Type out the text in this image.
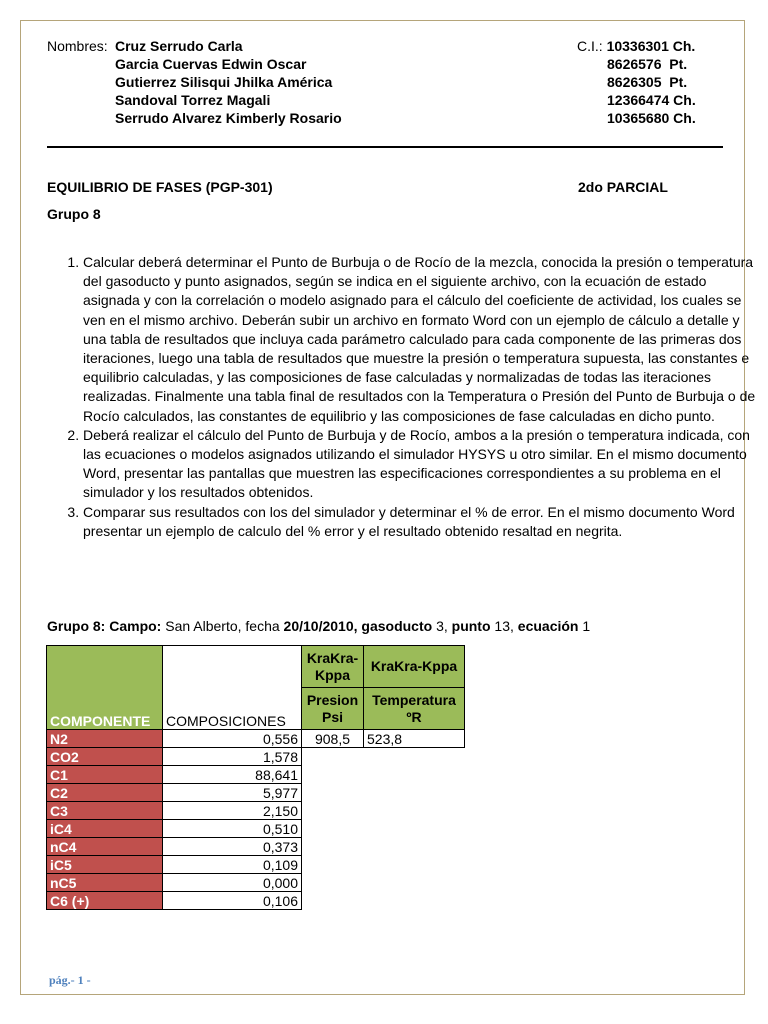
Nombres: Cruz Serrudo Carla	C.I.: 10336301 Ch.
Garcia Cuervas Edwin Oscar	8626576  Pt.
Gutierrez Silisqui Jhilka América	8626305  Pt.
Sandoval Torrez Magali	12366474 Ch.
Serrudo Alvarez Kimberly Rosario	10365680 Ch.
EQUILIBRIO DE FASES (PGP-301)	2do PARCIAL
Grupo 8
1. Calcular deberá determinar el Punto de Burbuja o de Rocío de la mezcla, conocida la presión o temperatura del gasoducto y punto asignados, según se indica en el siguiente archivo, con la ecuación de estado asignada y con la correlación o modelo asignado para el cálculo del coeficiente de actividad, los cuales se ven en el mismo archivo. Deberán subir un archivo en formato Word con un ejemplo de cálculo a detalle y una tabla de resultados que incluya cada parámetro calculado para cada componente de las primeras dos iteraciones, luego una tabla de resultados que muestre la presión o temperatura supuesta, las constantes e equilibrio calculadas, y las composiciones de fase calculadas y normalizadas de todas las iteraciones realizadas. Finalmente una tabla final de resultados con la Temperatura o Presión del Punto de Burbuja o de Rocío calculados, las constantes de equilibrio y las composiciones de fase calculadas en dicho punto.
2. Deberá realizar el cálculo del Punto de Burbuja y de Rocío, ambos a la presión o temperatura indicada, con las ecuaciones o modelos asignados utilizando el simulador HYSYS u otro similar. En el mismo documento Word, presentar las pantallas que muestren las especificaciones correspondientes a su problema en el simulador y los resultados obtenidos.
3. Comparar sus resultados con los del simulador y determinar el % de error. En el mismo documento Word presentar un ejemplo de calculo del % error y el resultado obtenido resaltad en negrita.
Grupo 8: Campo: San Alberto, fecha 20/10/2010, gasoducto 3, punto 13, ecuación 1
COMPONENTE	COMPOSICIONES	KraKra-Kppa	KraKra-Kppa
		Presion Psi	Temperatura ºR
N2	0,556	908,5	523,8
CO2	1,578		
C1	88,641		
C2	5,977		
C3	2,150		
iC4	0,510		
nC4	0,373		
iC5	0,109		
nC5	0,000		
C6 (+)	0,106		
pág.- 1 -
